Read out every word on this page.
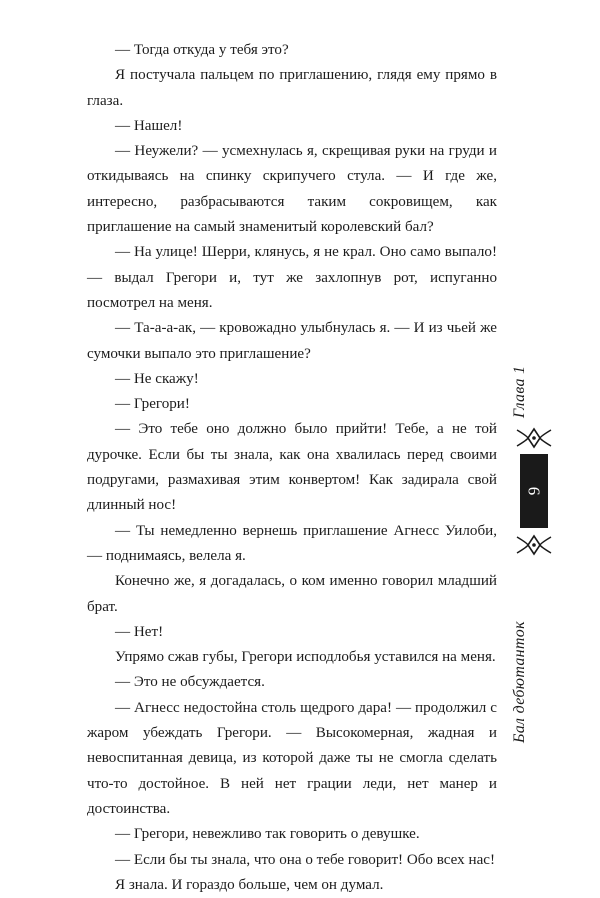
— Тогда откуда у тебя это?

Я постучала пальцем по приглашению, глядя ему прямо в глаза.

— Нашел!

— Неужели? — усмехнулась я, скрещивая руки на груди и откидываясь на спинку скрипучего стула. — И где же, интересно, разбрасываются таким сокровищем, как приглашение на самый знаменитый королевский бал?

— На улице! Шерри, клянусь, я не крал. Оно само выпало! — выдал Грегори и, тут же захлопнув рот, испуганно посмотрел на меня.

— Та-а-а-ак, — кровожадно улыбнулась я. — И из чьей же сумочки выпало это приглашение?

— Не скажу!

— Грегори!

— Это тебе оно должно было прийти! Тебе, а не той дурочке. Если бы ты знала, как она хвалилась перед своими подругами, размахивая этим конвертом! Как задирала свой длинный нос!

— Ты немедленно вернешь приглашение Агнесс Уилоби, — поднимаясь, велела я.

Конечно же, я догадалась, о ком именно говорил младший брат.

— Нет!

Упрямо сжав губы, Грегори исподлобья уставился на меня.

— Это не обсуждается.

— Агнесс недостойна столь щедрого дара! — продолжил с жаром убеждать Грегори. — Высокомерная, жадная и невоспитанная девица, из которой даже ты не смогла сделать что-то достойное. В ней нет грации леди, нет манер и достоинства.

— Грегори, невежливо так говорить о девушке.

— Если бы ты знала, что она о тебе говорит! Обо всех нас!

Я знала. И гораздо больше, чем он думал.

Глава 1
9
Бал дебютанток
